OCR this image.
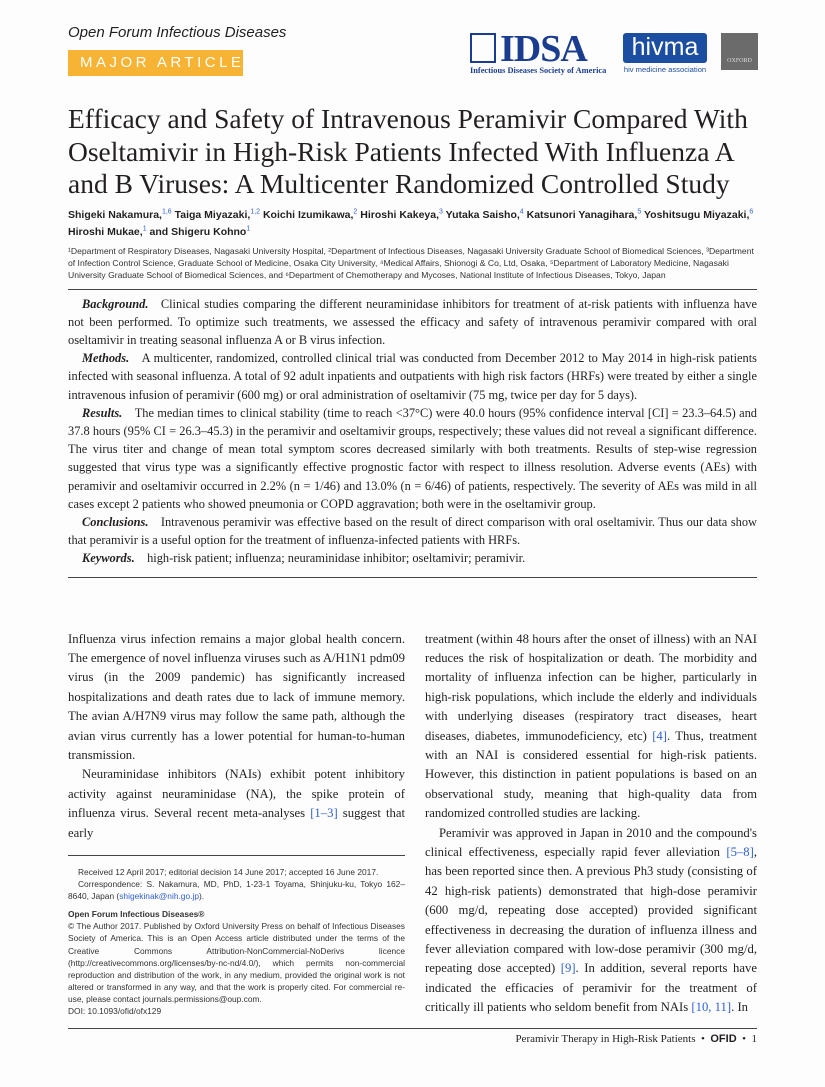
Open Forum Infectious Diseases
MAJOR ARTICLE	IDSA
Infectious Diseases Society of America
hivma
hiv medicine association
OXFORD
Efficacy and Safety of Intravenous Peramivir Compared With Oseltamivir in High-Risk Patients Infected With Influenza A and B Viruses: A Multicenter Randomized Controlled Study
Shigeki Nakamura,$^{1,6}$ Taiga Miyazaki,$^{1,2}$ Koichi Izumikawa,$^2$ Hiroshi Kakeya,$^3$ Yutaka Saisho,$^4$ Katsunori Yanagihara,$^5$ Yoshitsugu Miyazaki,$^6$ Hiroshi Mukae,$^1$ and Shigeru Kohno$^1$
¹Department of Respiratory Diseases, Nagasaki University Hospital, ²Department of Infectious Diseases, Nagasaki University Graduate School of Biomedical Sciences, ³Department of Infection Control Science, Graduate School of Medicine, Osaka City University, ⁴Medical Affairs, Shionogi & Co, Ltd, Osaka, ⁵Department of Laboratory Medicine, Nagasaki University Graduate School of Biomedical Sciences, and ⁶Department of Chemotherapy and Mycoses, National Institute of Infectious Diseases, Tokyo, Japan

Background.  Clinical studies comparing the different neuraminidase inhibitors for treatment of at-risk patients with influenza have not been performed. To optimize such treatments, we assessed the efficacy and safety of intravenous peramivir compared with oral oseltamivir in treating seasonal influenza A or B virus infection.

Methods.  A multicenter, randomized, controlled clinical trial was conducted from December 2012 to May 2014 in high-risk patients infected with seasonal influenza. A total of 92 adult inpatients and outpatients with high risk factors (HRFs) were treated by either a single intravenous infusion of peramivir (600 mg) or oral administration of oseltamivir (75 mg, twice per day for 5 days).

Results.  The median times to clinical stability (time to reach <37°C) were 40.0 hours (95% confidence interval [CI] = 23.3–64.5) and 37.8 hours (95% CI = 26.3–45.3) in the peramivir and oseltamivir groups, respectively; these values did not reveal a significant difference. The virus titer and change of mean total symptom scores decreased similarly with both treatments. Results of step-wise regression suggested that virus type was a significantly effective prognostic factor with respect to illness resolution. Adverse events (AEs) with peramivir and oseltamivir occurred in 2.2% (n = 1/46) and 13.0% (n = 6/46) of patients, respectively. The severity of AEs was mild in all cases except 2 patients who showed pneumonia or COPD aggravation; both were in the oseltamivir group.

Conclusions.  Intravenous peramivir was effective based on the result of direct comparison with oral oseltamivir. Thus our data show that peramivir is a useful option for the treatment of influenza-infected patients with HRFs.

Keywords.  high-risk patient; influenza; neuraminidase inhibitor; oseltamivir; peramivir.

Influenza virus infection remains a major global health concern. The emergence of novel influenza viruses such as A/H1N1 pdm09 virus (in the 2009 pandemic) has significantly increased hospitalizations and death rates due to lack of immune memory. The avian A/H7N9 virus may follow the same path, although the avian virus currently has a lower potential for human-to-human transmission.

Neuraminidase inhibitors (NAIs) exhibit potent inhibitory activity against neuraminidase (NA), the spike protein of influenza virus. Several recent meta-analyses [1–3] suggest that early

Received 12 April 2017; editorial decision 14 June 2017; accepted 16 June 2017.

Correspondence: S. Nakamura, MD, PhD, 1-23-1 Toyama, Shinjuku-ku, Tokyo 162–8640, Japan (shigekinak@nih.go.jp).

Open Forum Infectious Diseases®

© The Author 2017. Published by Oxford University Press on behalf of Infectious Diseases Society of America. This is an Open Access article distributed under the terms of the Creative Commons Attribution-NonCommercial-NoDerivs licence (http://creativecommons.org/licenses/by-nc-nd/4.0/), which permits non-commercial reproduction and distribution of the work, in any medium, provided the original work is not altered or transformed in any way, and that the work is properly cited. For commercial re-use, please contact journals.permissions@oup.com.

DOI: 10.1093/ofid/ofx129

treatment (within 48 hours after the onset of illness) with an NAI reduces the risk of hospitalization or death. The morbidity and mortality of influenza infection can be higher, particularly in high-risk populations, which include the elderly and individuals with underlying diseases (respiratory tract diseases, heart diseases, diabetes, immunodeficiency, etc) [4]. Thus, treatment with an NAI is considered essential for high-risk patients. However, this distinction in patient populations is based on an observational study, meaning that high-quality data from randomized controlled studies are lacking.

Peramivir was approved in Japan in 2010 and the compound's clinical effectiveness, especially rapid fever alleviation [5–8], has been reported since then. A previous Ph3 study (consisting of 42 high-risk patients) demonstrated that high-dose peramivir (600 mg/d, repeating dose accepted) provided significant effectiveness in decreasing the duration of influenza illness and fever alleviation compared with low-dose peramivir (300 mg/d, repeating dose accepted) [9]. In addition, several reports have indicated the efficacies of peramivir for the treatment of critically ill patients who seldom benefit from NAIs [10, 11]. In

Peramivir Therapy in High-Risk Patients • OFID • 1
